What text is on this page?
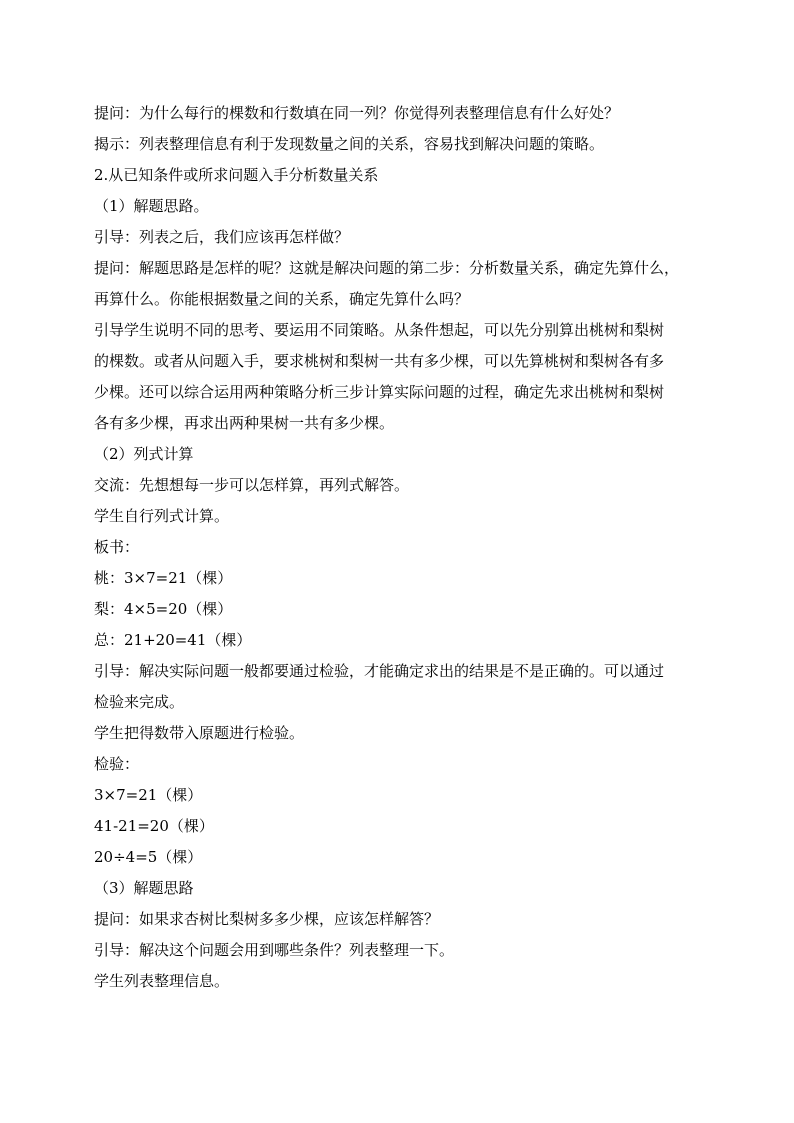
提问：为什么每行的棵数和行数填在同一列？你觉得列表整理信息有什么好处？
揭示：列表整理信息有利于发现数量之间的关系，容易找到解决问题的策略。
2.从已知条件或所求问题入手分析数量关系
（1）解题思路。
引导：列表之后，我们应该再怎样做？
提问：解题思路是怎样的呢？这就是解决问题的第二步：分析数量关系，确定先算什么，
再算什么。你能根据数量之间的关系，确定先算什么吗？
引导学生说明不同的思考、要运用不同策略。从条件想起，可以先分别算出桃树和梨树
的棵数。或者从问题入手，要求桃树和梨树一共有多少棵，可以先算桃树和梨树各有多
少棵。还可以综合运用两种策略分析三步计算实际问题的过程，确定先求出桃树和梨树
各有多少棵，再求出两种果树一共有多少棵。
（2）列式计算
交流：先想想每一步可以怎样算，再列式解答。
学生自行列式计算。
板书：
桃：3×7=21（棵）
梨：4×5=20（棵）
总：21+20=41（棵）
引导：解决实际问题一般都要通过检验，才能确定求出的结果是不是正确的。可以通过
检验来完成。
学生把得数带入原题进行检验。
检验：
3×7=21（棵）
41-21=20（棵）
20÷4=5（棵）
（3）解题思路
提问：如果求杏树比梨树多多少棵，应该怎样解答？
引导：解决这个问题会用到哪些条件？列表整理一下。
学生列表整理信息。
